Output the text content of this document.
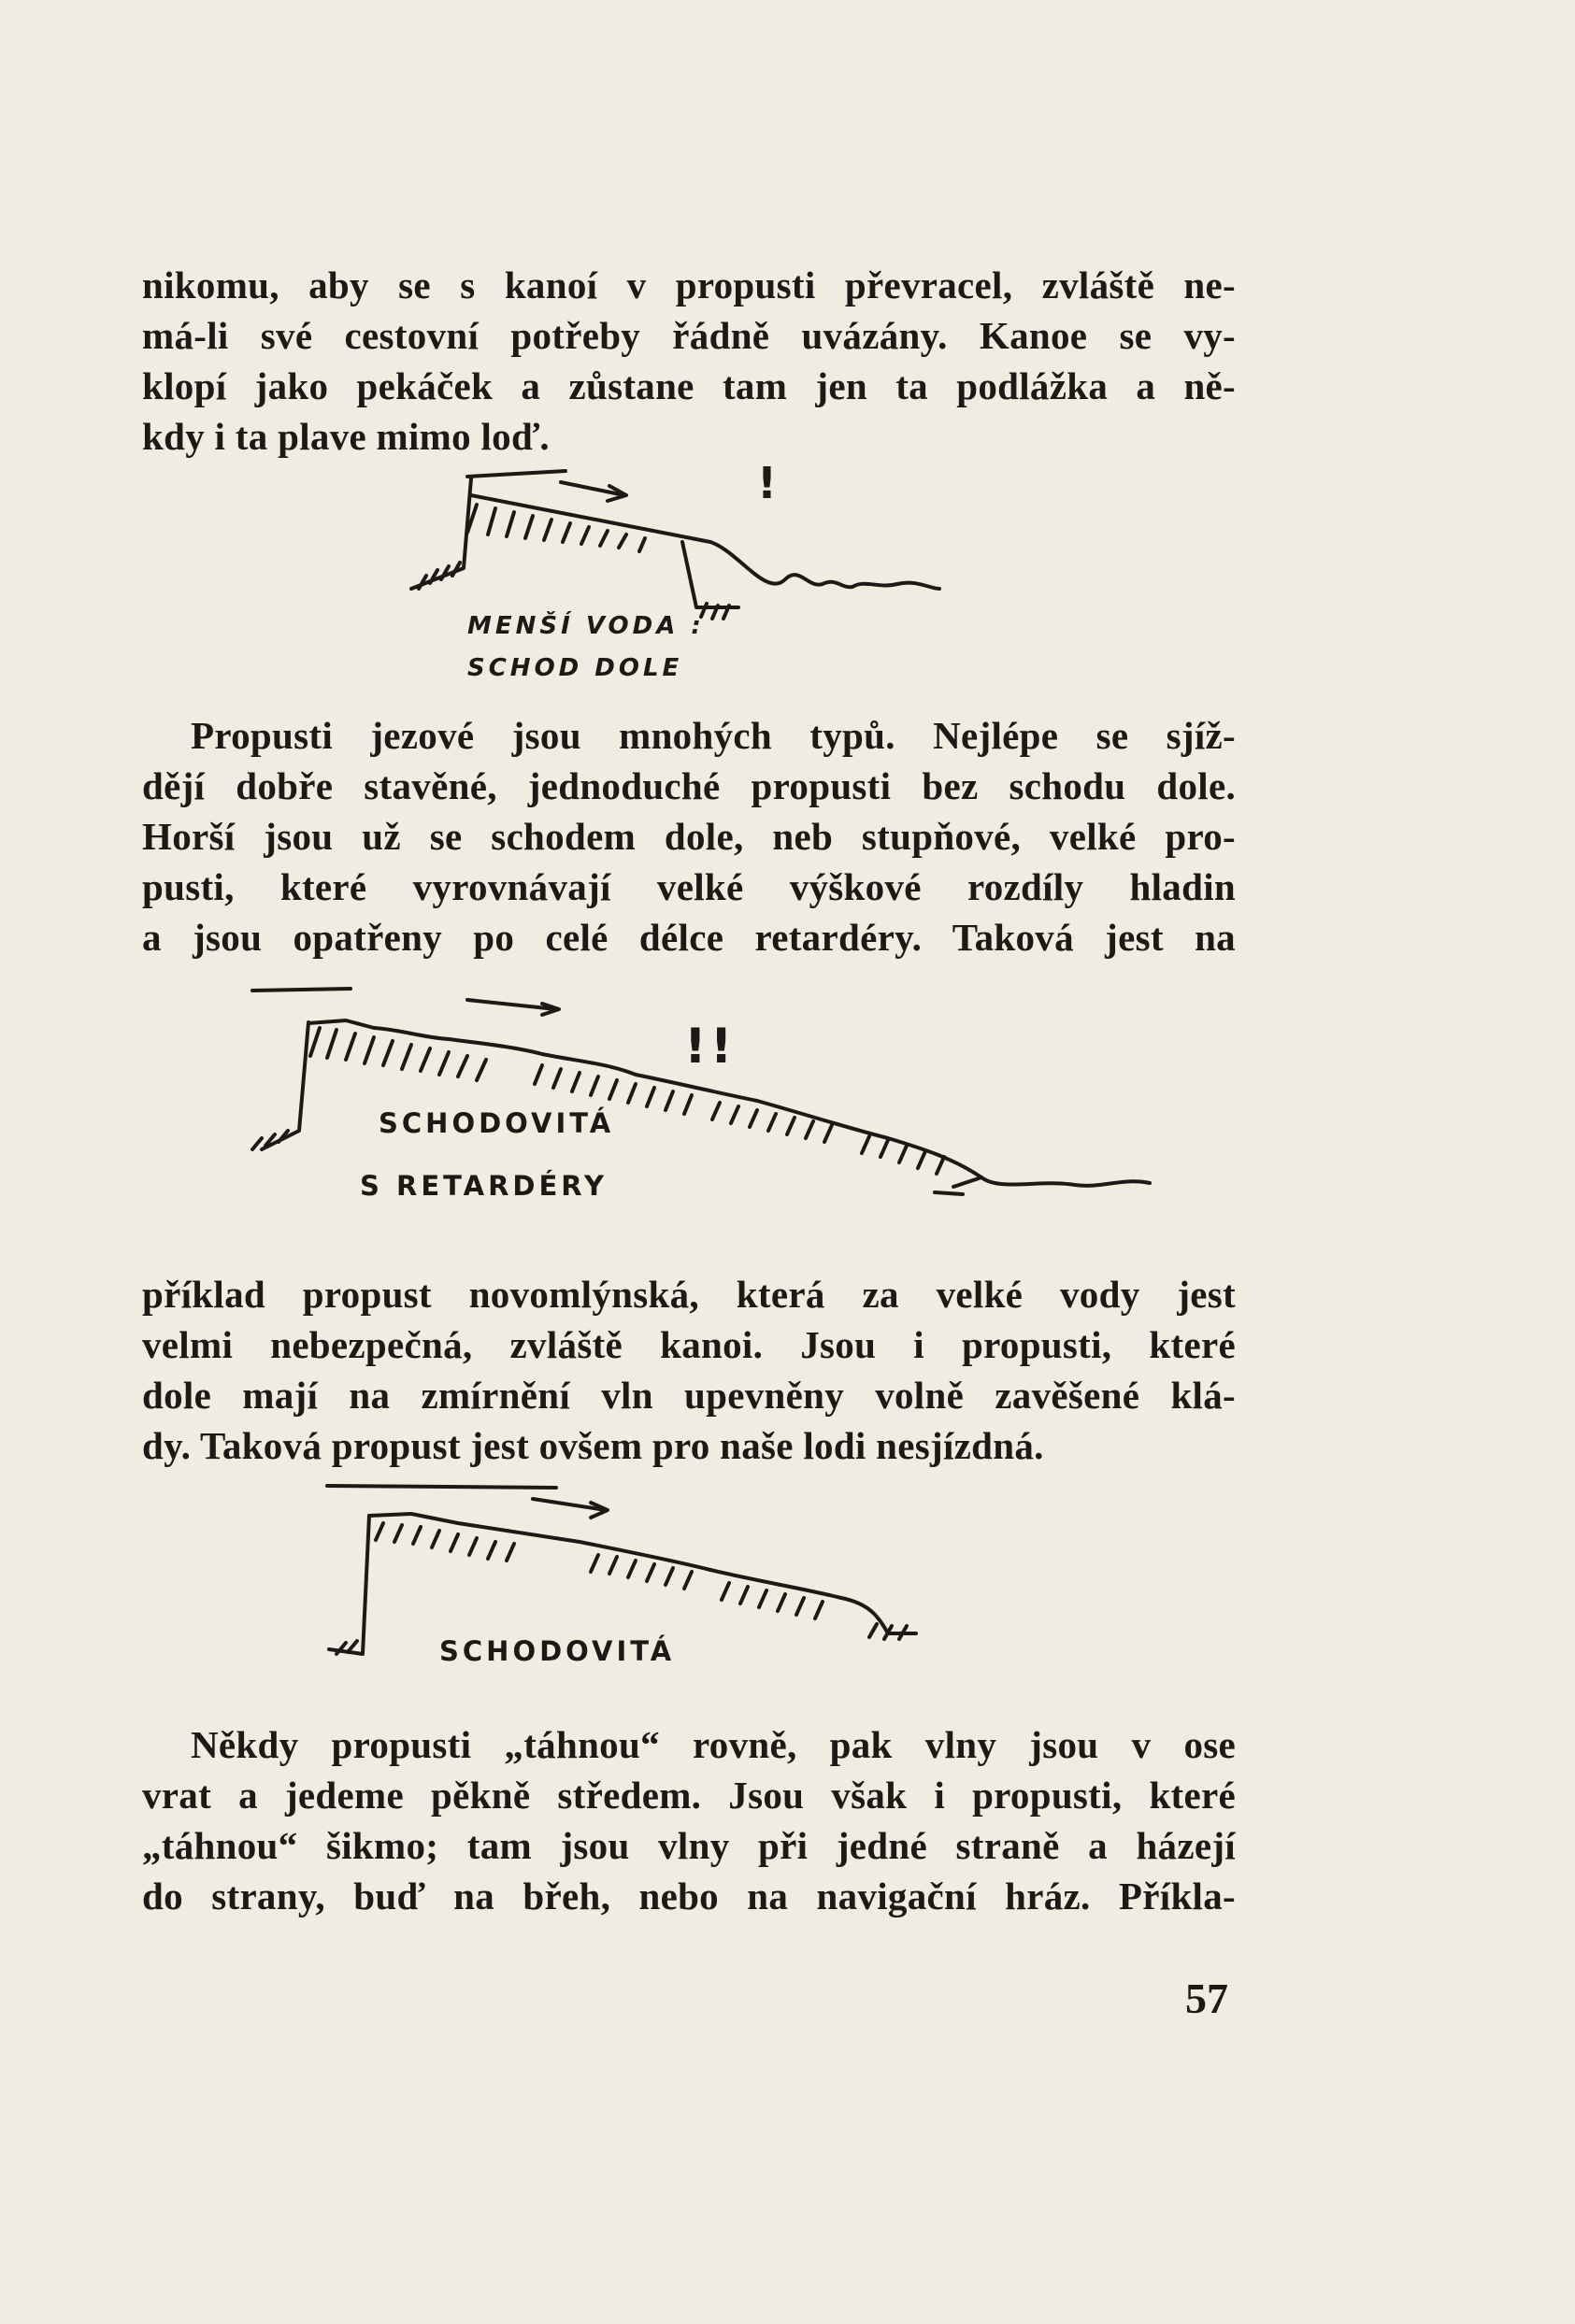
nikomu, aby se s kanoí v propusti převracel, zvláště ne-
má-li své cestovní potřeby řádně uvázány. Kanoe se vy-
klopí jako pekáček a zůstane tam jen ta podlážka a ně-
kdy i ta plave mimo loď.

!
MENŠÍ VODA :
SCHOD DOLE

Propusti jezové jsou mnohých typů. Nejlépe se sjíž-
dějí dobře stavěné, jednoduché propusti bez schodu dole.
Horší jsou už se schodem dole, neb stupňové, velké pro-
pusti, které vyrovnávají velké výškové rozdíly hladin
a jsou opatřeny po celé délce retardéry. Taková jest na

!!
SCHODOVITÁ
S RETARDÉRY

příklad propust novomlýnská, která za velké vody jest
velmi nebezpečná, zvláště kanoi. Jsou i propusti, které
dole mají na zmírnění vln upevněny volně zavěšené klá-
dy. Taková propust jest ovšem pro naše lodi nesjízdná.

SCHODOVITÁ

Někdy propusti „táhnou“ rovně, pak vlny jsou v ose
vrat a jedeme pěkně středem. Jsou však i propusti, které
„táhnou“ šikmo; tam jsou vlny při jedné straně a házejí
do strany, buď na břeh, nebo na navigační hráz. Příkla-

57
